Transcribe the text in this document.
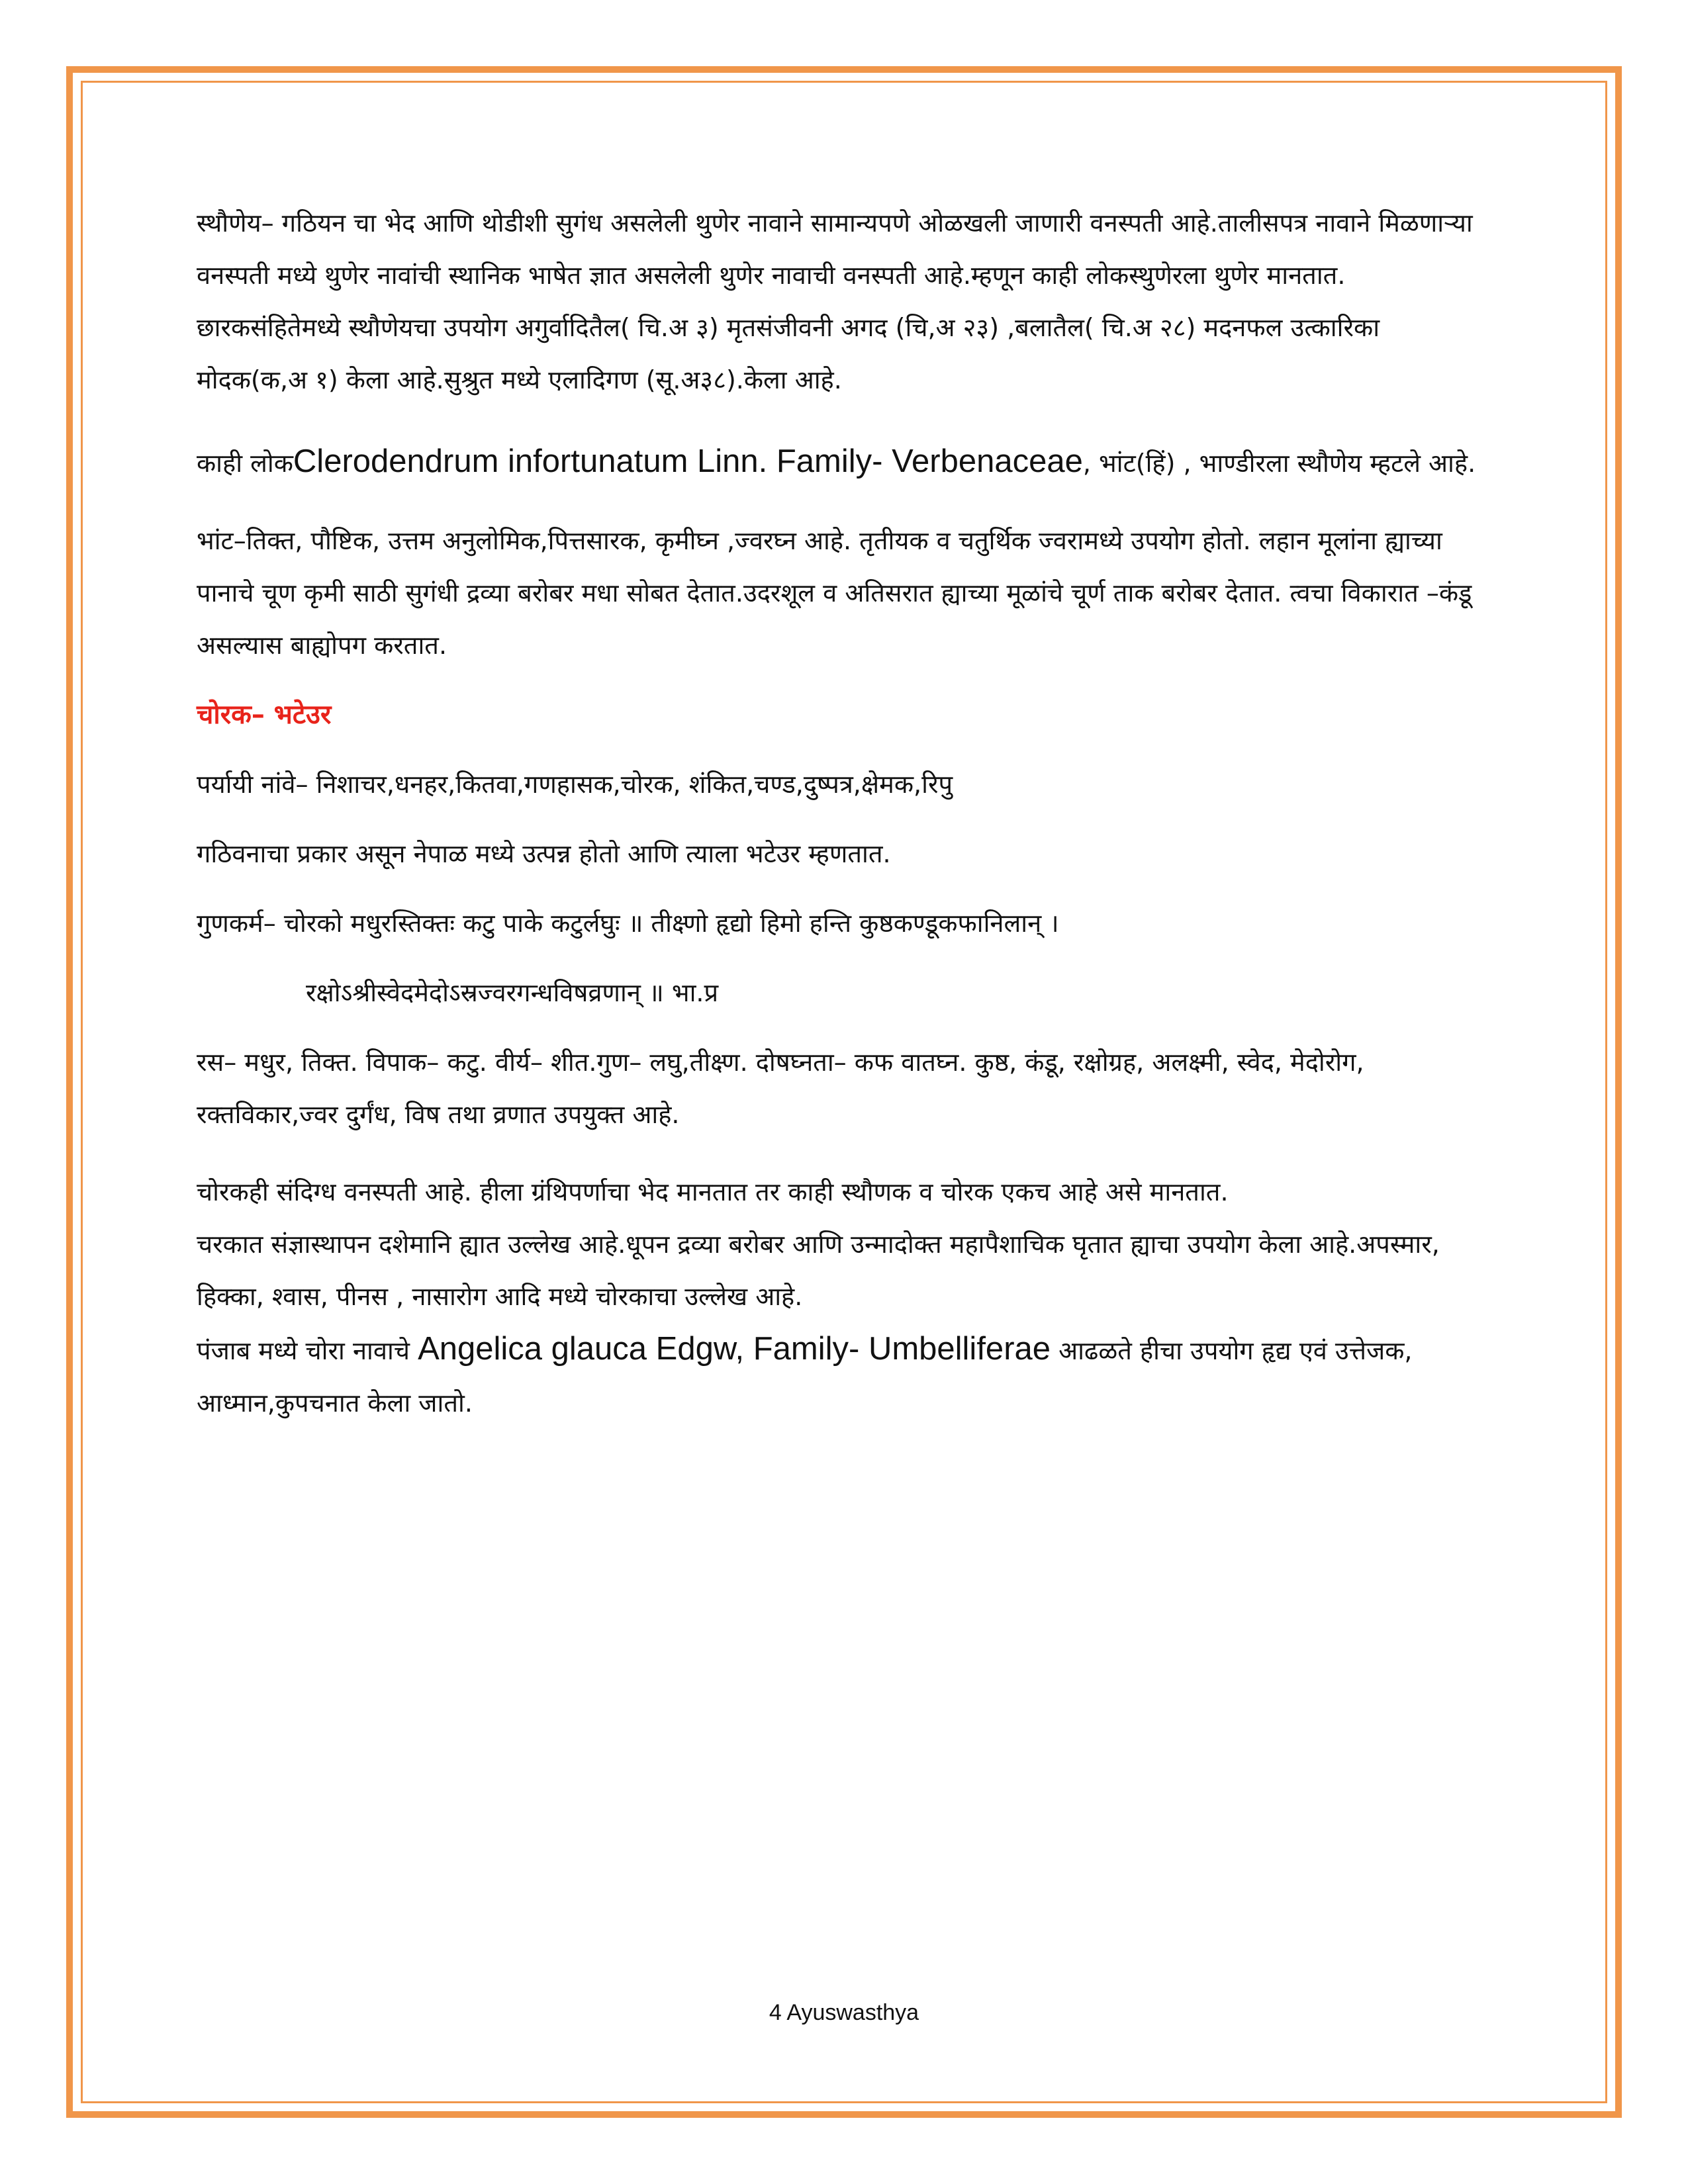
स्थौणेय– गठियन चा भेद आणि थोडीशी सुगंध असलेली थुणेर नावाने सामान्यपणे ओळखली जाणारी वनस्पती आहे.तालीसपत्र नावाने मिळणाऱ्या वनस्पती मध्ये थुणेर नावांची स्थानिक भाषेत ज्ञात असलेली थुणेर नावाची वनस्पती आहे.म्हणून काही लोकस्थुणेरला थुणेर मानतात. छारकसंहितेमध्ये स्थौणेयचा उपयोग अगुर्वादितैल( चि.अ ३) मृतसंजीवनी अगद (चि,अ २३) ,बलातैल( चि.अ २८) मदनफल उत्कारिका मोदक(क,अ १) केला आहे.सुश्रुत मध्ये एलादिगण (सू.अ३८).केला आहे.

काही लोकClerodendrum infortunatum Linn. Family- Verbenaceae, भांट(हिं) , भाण्डीरला स्थौणेय म्हटले आहे.

भांट–तिक्त, पौष्टिक, उत्तम अनुलोमिक,पित्तसारक, कृमीघ्न ,ज्वरघ्न आहे. तृतीयक व चतुर्थिक ज्वरामध्ये उपयोग होतो. लहान मूलांना ह्याच्या पानाचे चूण कृमी साठी सुगंधी द्रव्या बरोबर मधा सोबत देतात.उदरशूल व अतिसरात ह्याच्या मूळांचे चूर्ण ताक बरोबर देतात. त्वचा विकारात –कंडू असल्यास बाह्योपग करतात.

चोरक– भटेउर

पर्यायी नांवे– निशाचर,धनहर,कितवा,गणहासक,चोरक, शंकित,चण्ड,दुष्पत्र,क्षेमक,रिपु

गठिवनाचा प्रकार असून नेपाळ मध्ये उत्पन्न होतो आणि त्याला भटेउर म्हणतात.

गुणकर्म– चोरको मधुरस्तिक्तः कटु पाके कटुर्लघुः ॥ तीक्ष्णो हृद्यो हिमो हन्ति कुष्ठकण्डूकफानिलान् ।

रक्षोऽश्रीस्वेदमेदोऽस्रज्वरगन्धविषव्रणान् ॥ भा.प्र

रस– मधुर, तिक्त. विपाक– कटु. वीर्य– शीत.गुण– लघु,तीक्ष्ण. दोषघ्नता– कफ वातघ्न. कुष्ठ, कंडू, रक्षोग्रह, अलक्ष्मी, स्वेद, मेदोरोग, रक्तविकार,ज्वर दुर्गंध, विष तथा व्रणात उपयुक्त आहे.

चोरकही संदिग्ध वनस्पती आहे. हीला ग्रंथिपर्णाचा भेद मानतात तर काही स्थौणक व चोरक एकच आहे असे मानतात.

चरकात संज्ञास्थापन दशेमानि ह्यात उल्लेख आहे.धूपन द्रव्या बरोबर आणि उन्मादोक्त महापैशाचिक घृतात ह्याचा उपयोग केला आहे.अपस्मार, हिक्का, श्वास, पीनस , नासारोग आदि मध्ये चोरकाचा उल्लेख आहे.

पंजाब मध्ये चोरा नावाचे Angelica glauca Edgw, Family- Umbelliferae आढळते हीचा उपयोग हृद्य एवं उत्तेजक, आध्मान,कुपचनात केला जातो.

4 Ayuswasthya
